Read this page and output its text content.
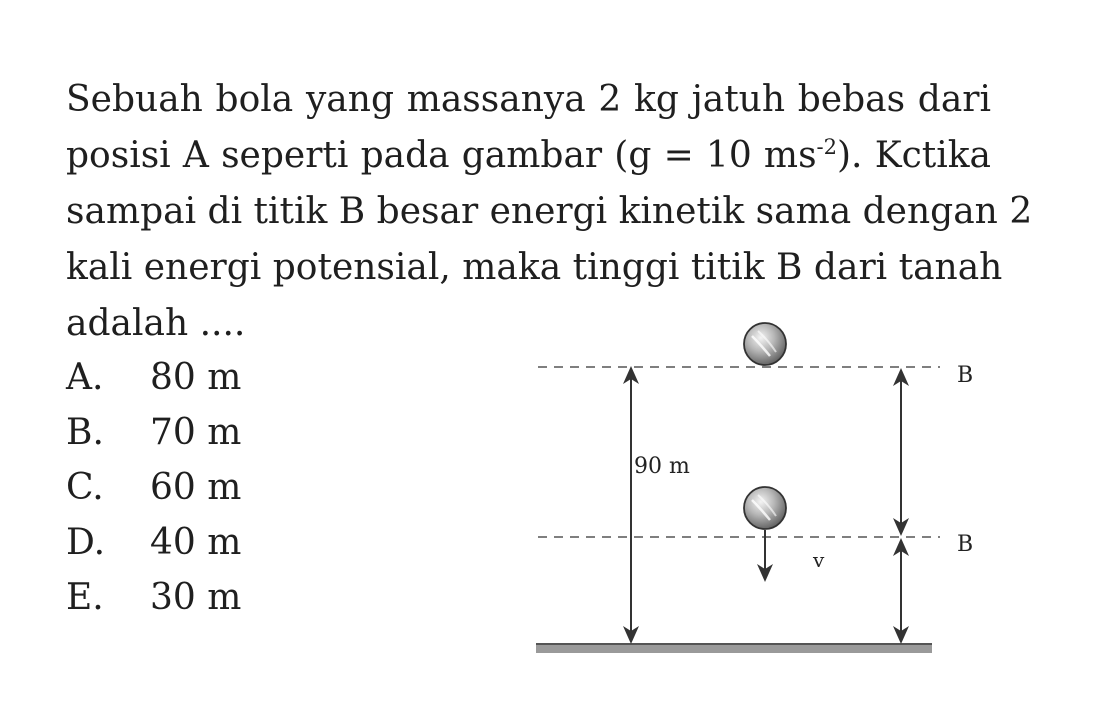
Sebuah bola yang massanya 2 kg jatuh bebas dari
posisi A seperti pada gambar (g = 10 $ms^{-2}$). Kctika
sampai di titik B besar energi kinetik sama dengan 2
kali energi potensial, maka tinggi titik B dari tanah
adalah ....
A.	80 m
B.	70 m
C.	60 m
D.	40 m
E.	30 m
90 m
B
B
v
